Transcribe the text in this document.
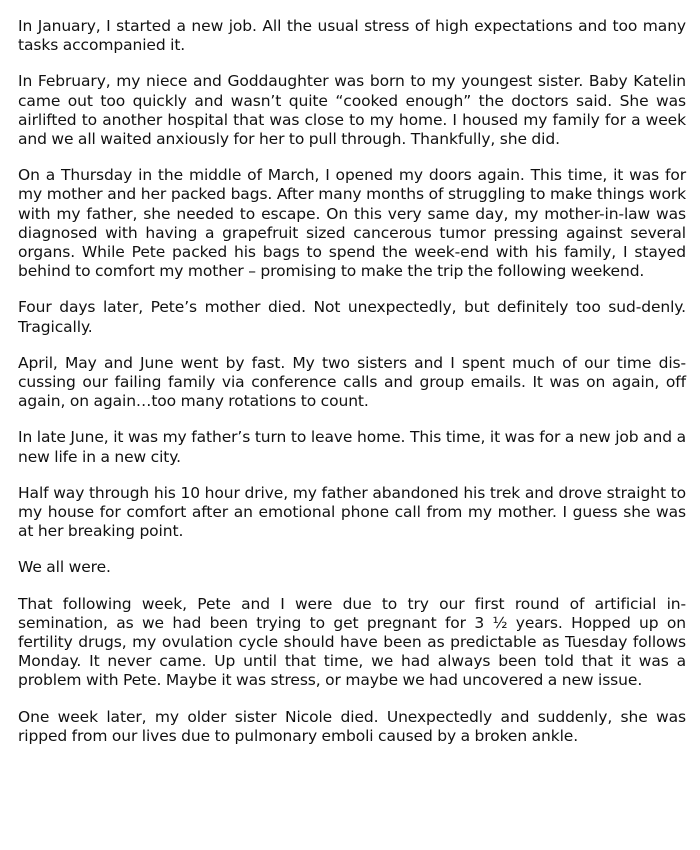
In January, I started a new job. All the usual stress of high expectations and too many tasks accompanied it.

In February, my niece and Goddaughter was born to my youngest sister. Baby Katelin came out too quickly and wasn’t quite “cooked enough” the doctors said. She was airlifted to another hospital that was close to my home. I housed my family for a week and we all waited anxiously for her to pull through. Thankfully, she did.

On a Thursday in the middle of March, I opened my doors again. This time, it was for my mother and her packed bags. After many months of struggling to make things work with my father, she needed to escape. On this very same day, my mother-in-law was diagnosed with having a grapefruit sized cancerous tumor pressing against several organs. While Pete packed his bags to spend the week-end with his family, I stayed behind to comfort my mother – promising to make the trip the following weekend.

Four days later, Pete’s mother died. Not unexpectedly, but definitely too sud-denly. Tragically.

April, May and June went by fast. My two sisters and I spent much of our time dis-cussing our failing family via conference calls and group emails. It was on again, off again, on again…too many rotations to count.

In late June, it was my father’s turn to leave home. This time, it was for a new job and a new life in a new city.

Half way through his 10 hour drive, my father abandoned his trek and drove straight to my house for comfort after an emotional phone call from my mother. I guess she was at her breaking point.

We all were.

That following week, Pete and I were due to try our first round of artificial in-semination, as we had been trying to get pregnant for 3 ½ years. Hopped up on fertility drugs, my ovulation cycle should have been as predictable as Tuesday follows Monday. It never came. Up until that time, we had always been told that it was a problem with Pete. Maybe it was stress, or maybe we had uncovered a new issue.

One week later, my older sister Nicole died. Unexpectedly and suddenly, she was ripped from our lives due to pulmonary emboli caused by a broken ankle.
